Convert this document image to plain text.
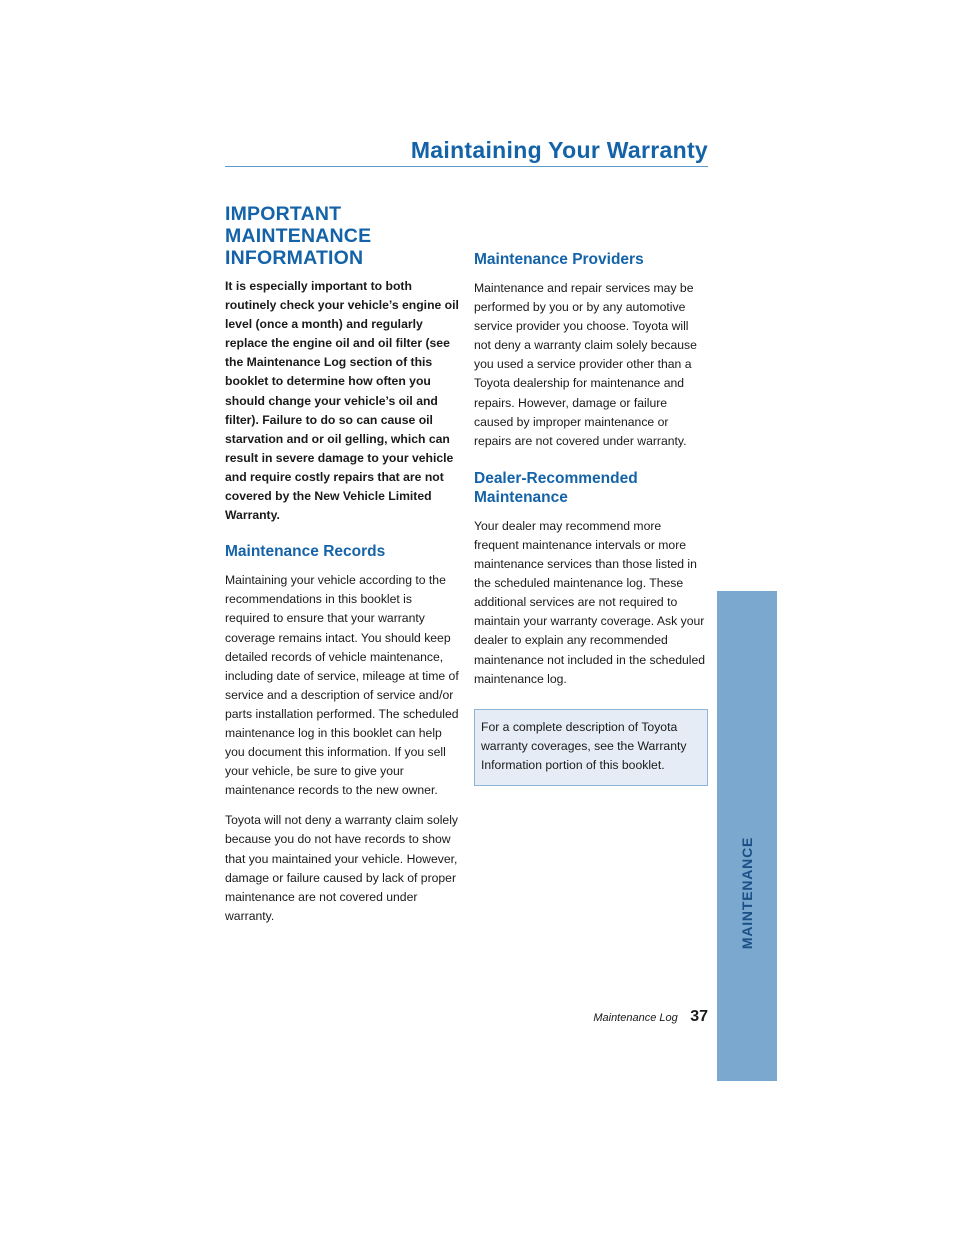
Maintaining Your Warranty
IMPORTANT MAINTENANCE
INFORMATION

It is especially important to both routinely check your vehicle’s engine oil level (once a month) and regularly replace the engine oil and oil filter (see the Maintenance Log section of this booklet to determine how often you should change your vehicle’s oil and filter). Failure to do so can cause oil starvation and or oil gelling, which can result in severe damage to your vehicle and require costly repairs that are not covered by the New Vehicle Limited Warranty.

Maintenance Records

Maintaining your vehicle according to the recommendations in this booklet is required to ensure that your warranty coverage remains intact. You should keep detailed records of vehicle maintenance, including date of service, mileage at time of service and a description of service and/or parts installation performed. The scheduled maintenance log in this booklet can help you document this information. If you sell your vehicle, be sure to give your maintenance records to the new owner.

Toyota will not deny a warranty claim solely because you do not have records to show that you maintained your vehicle. However, damage or failure caused by lack of proper maintenance are not covered under warranty.

Maintenance Providers

Maintenance and repair services may be performed by you or by any automotive service provider you choose. Toyota will not deny a warranty claim solely because you used a service provider other than a Toyota dealership for maintenance and repairs. However, damage or failure caused by improper maintenance or repairs are not covered under warranty.

Dealer-Recommended
Maintenance

Your dealer may recommend more frequent maintenance intervals or more maintenance services than those listed in the scheduled maintenance log. These additional services are not required to maintain your warranty coverage. Ask your dealer to explain any recommended maintenance not included in the scheduled maintenance log.

For a complete description of Toyota warranty coverages, see the Warranty Information portion of this booklet.
MAINTENANCE
Maintenance Log 37
